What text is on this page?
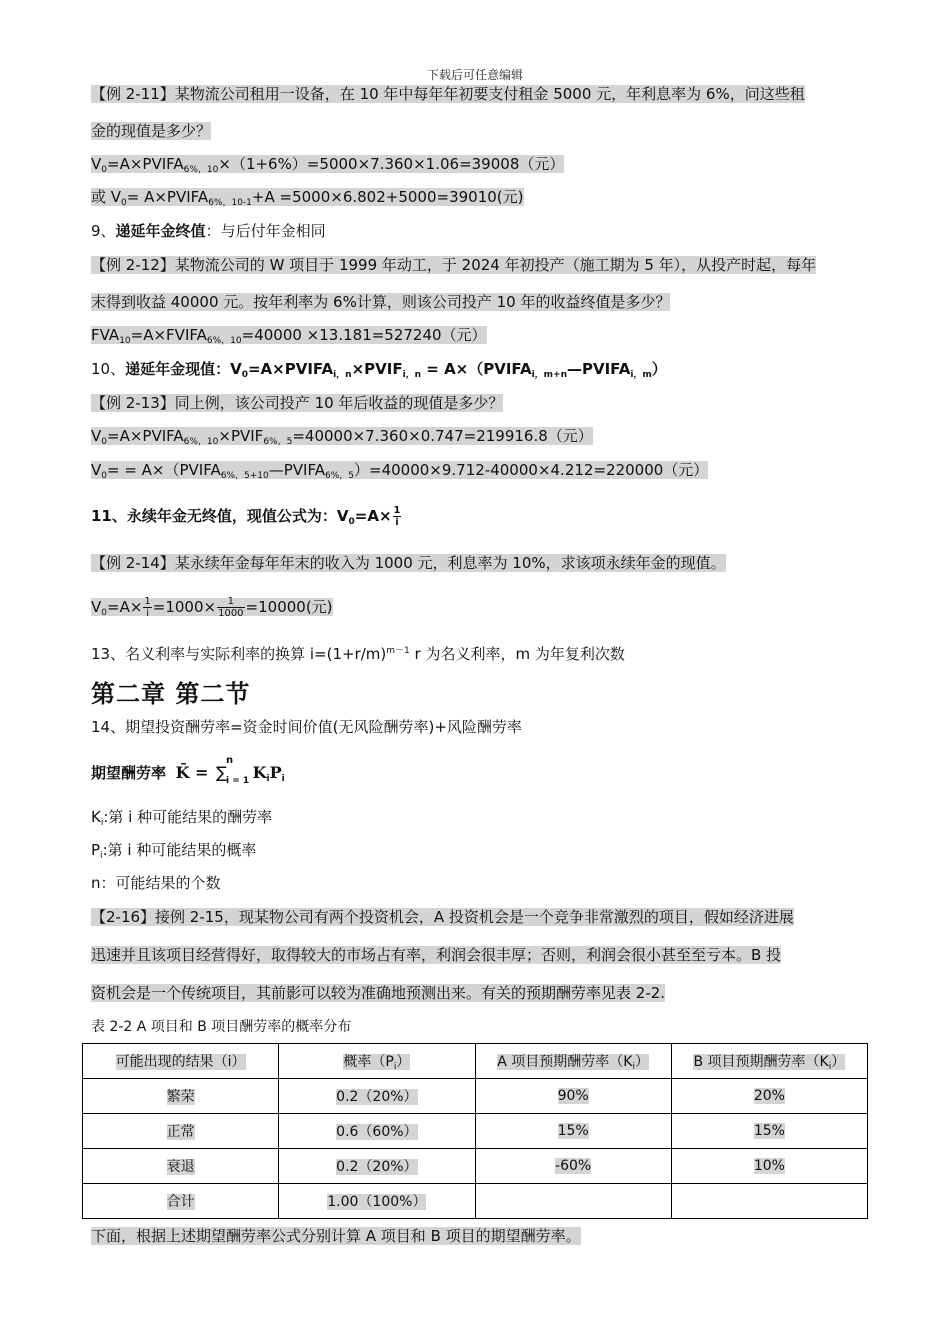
下载后可任意编辑
【例 2-11】某物流公司租用一设备，在 10 年中每年年初要支付租金 5000 元，年利息率为 6%，问这些租
金的现值是多少？
$V_0=A\times PVIFA_{6\%,10}\times(1+6\%)=5000\times 7.360\times 1.06=39008$（元）
或 $V_0=$ $A\times PVIFA_{6\%,10-1}+A =5000\times 6.802+5000=39010$(元)
9、递延年金终值：与后付年金相同
【例 2-12】某物流公司的 W 项目于 1999 年动工，于 2024 年初投产（施工期为 5 年），从投产时起，每年
末得到收益 40000 元。按年利率为 6%计算，则该公司投产 10 年的收益终值是多少？
$FVA_{10}=A\times FVIFA_{6\%,10}=40000 \times 13.181=527240$（元）
10、递延年金现值：$V_0=A\times PVIFA_{i,n}\times PVIF_{i,n}$ = $A\times(PVIFA_{i,m+n}—PVIFA_{i,m})$
【例 2-13】同上例，该公司投产 10 年后收益的现值是多少？
$V_0=A\times PVIFA_{6\%,10}\times PVIF_{6\%,5}=40000\times 7.360\times 0.747=219916.8$（元）
$V_0=$ = $A\times(PVIFA_{6\%,5+10}—PVIFA_{6\%,5})=40000\times 9.712-40000\times 4.212=220000$（元）
11、永续年金无终值，现值公式为：$V_0=A\times \frac{1}{i}$
【例 2-14】某永续年金每年年末的收入为 1000 元，利息率为 10%，求该项永续年金的现值。
$V_0=A\times \frac{1}{i} =1000\times \frac{1}{1000} =10000$(元)
13、名义利率与实际利率的换算 $i=(1+r/m)^{m-1}$ r 为名义利率，m 为年复利次数
第二章 第二节
14、期望投资酬劳率=资金时间价值(无风险酬劳率)+风险酬劳率
期望酬劳率 K̄ = ∑
n
i = 1 $K_iP_i$
$K_i$:第 i 种可能结果的酬劳率
$P_i$:第 i 种可能结果的概率
n：可能结果的个数
【2-16】接例 2-15，现某物公司有两个投资机会，A 投资机会是一个竞争非常激烈的项目，假如经济进展
迅速并且该项目经营得好，取得较大的市场占有率，利润会很丰厚；否则，利润会很小甚至至亏本。B 投
资机会是一个传统项目，其前影可以较为准确地预测出来。有关的预期酬劳率见表 2-2.
表 2-2 A 项目和 B 项目酬劳率的概率分布
可能出现的结果（i）	概率$(P_i)$	A 项目预期酬劳率$(K_i)$	B 项目预期酬劳率$(K_i)$
繁荣	0.2（20%）	90%	20%
正常	0.6（60%）	15%	15%
衰退	0.2（20%）	-60%	10%
合计	1.00（100%）		
下面，根据上述期望酬劳率公式分别计算 A 项目和 B 项目的期望酬劳率。
